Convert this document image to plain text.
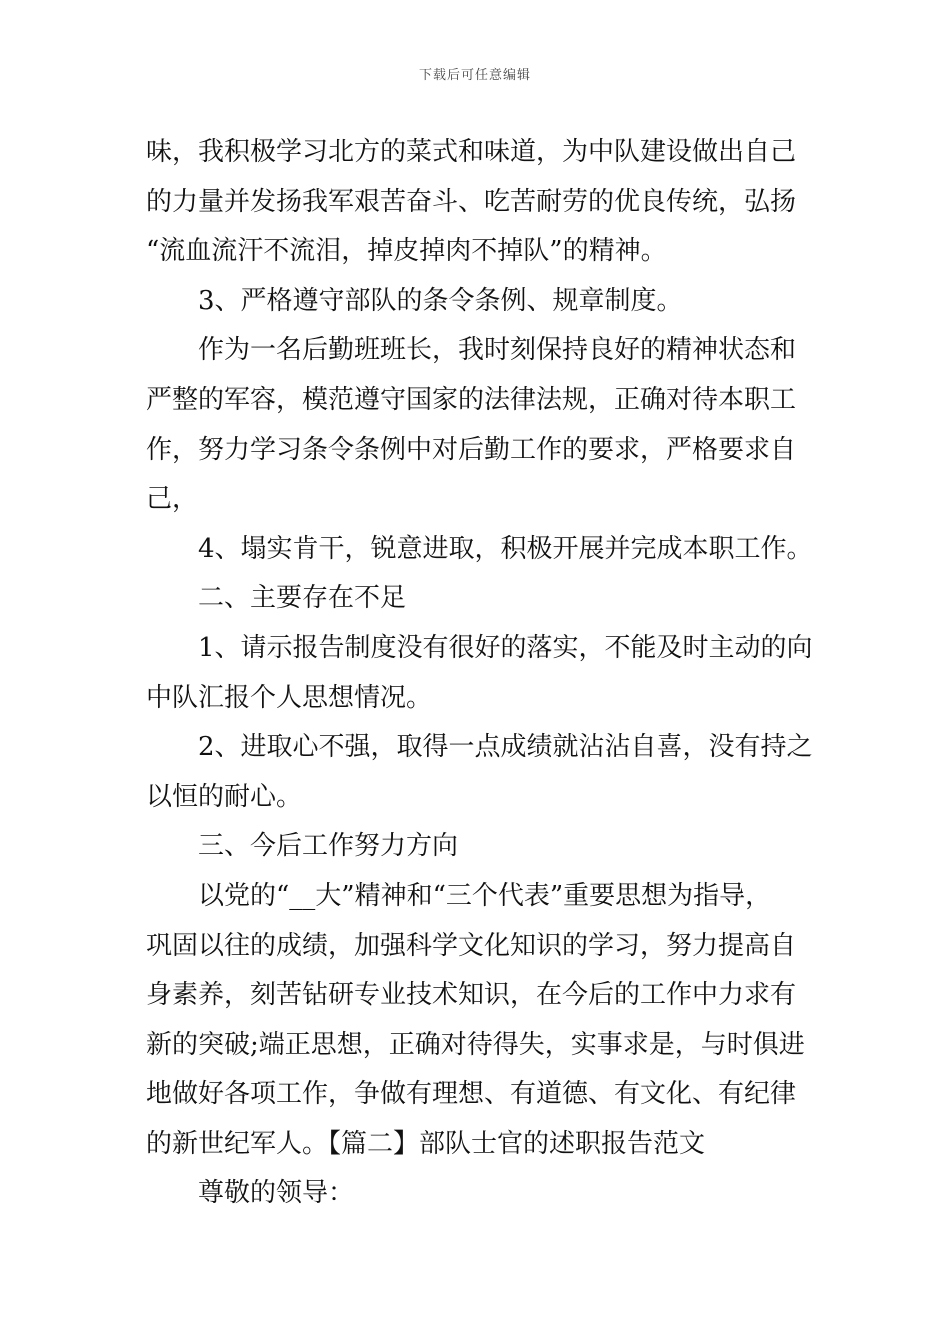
下载后可任意编辑
味，我积极学习北方的菜式和味道，为中队建设做出自己
的力量并发扬我军艰苦奋斗、吃苦耐劳的优良传统，弘扬
“流血流汗不流泪，掉皮掉肉不掉队”的精神。
3、严格遵守部队的条令条例、规章制度。
作为一名后勤班班长，我时刻保持良好的精神状态和
严整的军容，模范遵守国家的法律法规，正确对待本职工
作，努力学习条令条例中对后勤工作的要求，严格要求自
己，
4、塌实肯干，锐意进取，积极开展并完成本职工作。
二、主要存在不足
1、请示报告制度没有很好的落实，不能及时主动的向
中队汇报个人思想情况。
2、进取心不强，取得一点成绩就沾沾自喜，没有持之
以恒的耐心。
三、今后工作努力方向
以党的“__大”精神和“三个代表”重要思想为指导，
巩固以往的成绩，加强科学文化知识的学习，努力提高自
身素养，刻苦钻研专业技术知识，在今后的工作中力求有
新的突破;端正思想，正确对待得失，实事求是，与时俱进
地做好各项工作，争做有理想、有道德、有文化、有纪律
的新世纪军人。【篇二】部队士官的述职报告范文
尊敬的领导：
